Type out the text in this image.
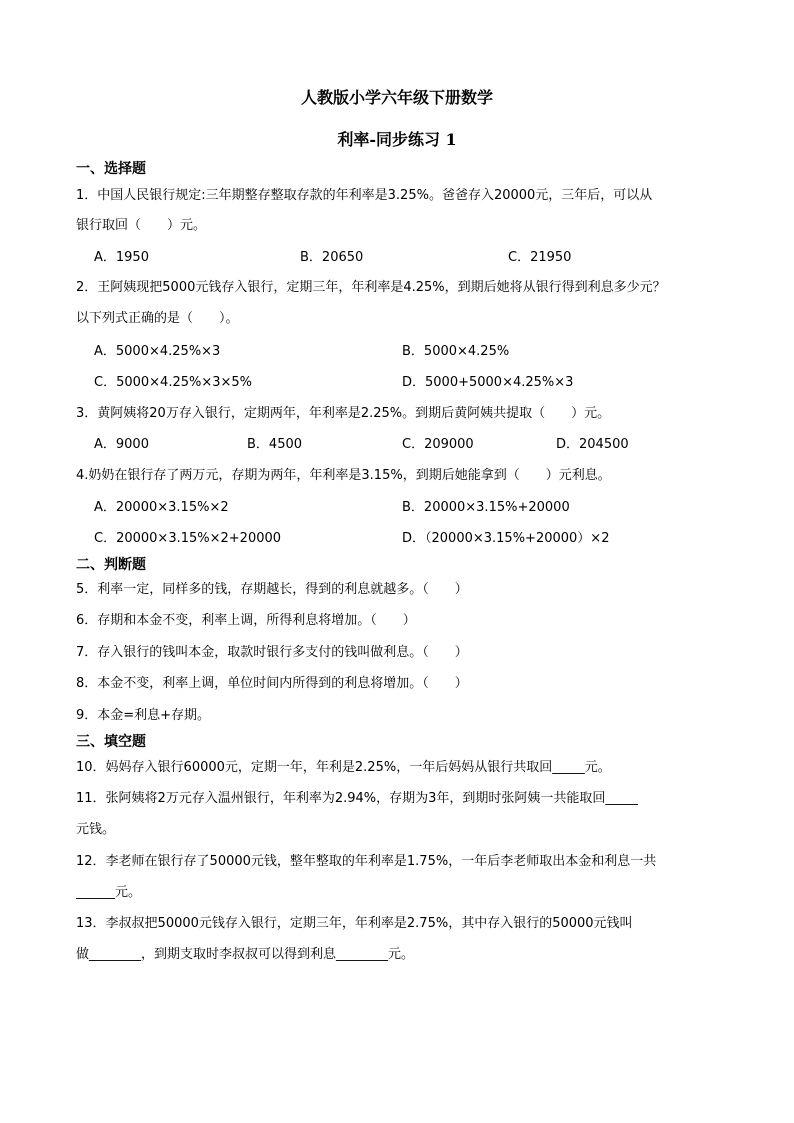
人教版小学六年级下册数学
利率-同步练习 1
一、选择题
1．中国人民银行规定:三年期整存整取存款的年利率是3.25%。爸爸存入20000元，三年后，可以从
银行取回（　　）元。
A．1950	B．20650	C．21950
2．王阿姨现把5000元钱存入银行，定期三年，年利率是4.25%，到期后她将从银行得到利息多少元？
以下列式正确的是（　　）。
A．5000×4.25%×3	B．5000×4.25%
C．5000×4.25%×3×5%	D．5000+5000×4.25%×3
3．黄阿姨将20万存入银行，定期两年，年利率是2.25%。到期后黄阿姨共提取（　　）元。
A．9000	B．4500	C．209000	D．204500
4.奶奶在银行存了两万元，存期为两年，年利率是3.15%，到期后她能拿到（　　）元利息。
A．20000×3.15%×2	B．20000×3.15%+20000
C．20000×3.15%×2+20000	D．（20000×3.15%+20000）×2
二、判断题
5．利率一定，同样多的钱，存期越长，得到的利息就越多。（　　）
6．存期和本金不变，利率上调，所得利息将增加。（　　）
7．存入银行的钱叫本金，取款时银行多支付的钱叫做利息。（　　）
8．本金不变，利率上调，单位时间内所得到的利息将增加。（　　）
9．本金=利息+存期。
三、填空题
10．妈妈存入银行60000元，定期一年，年利是2.25%，一年后妈妈从银行共取回_____元。
11．张阿姨将2万元存入温州银行，年利率为2.94%，存期为3年，到期时张阿姨一共能取回_____
元钱。
12．李老师在银行存了50000元钱，整年整取的年利率是1.75%，一年后李老师取出本金和利息一共
______元。
13．李叔叔把50000元钱存入银行，定期三年，年利率是2.75%，其中存入银行的50000元钱叫
做________，到期支取时李叔叔可以得到利息________元。
